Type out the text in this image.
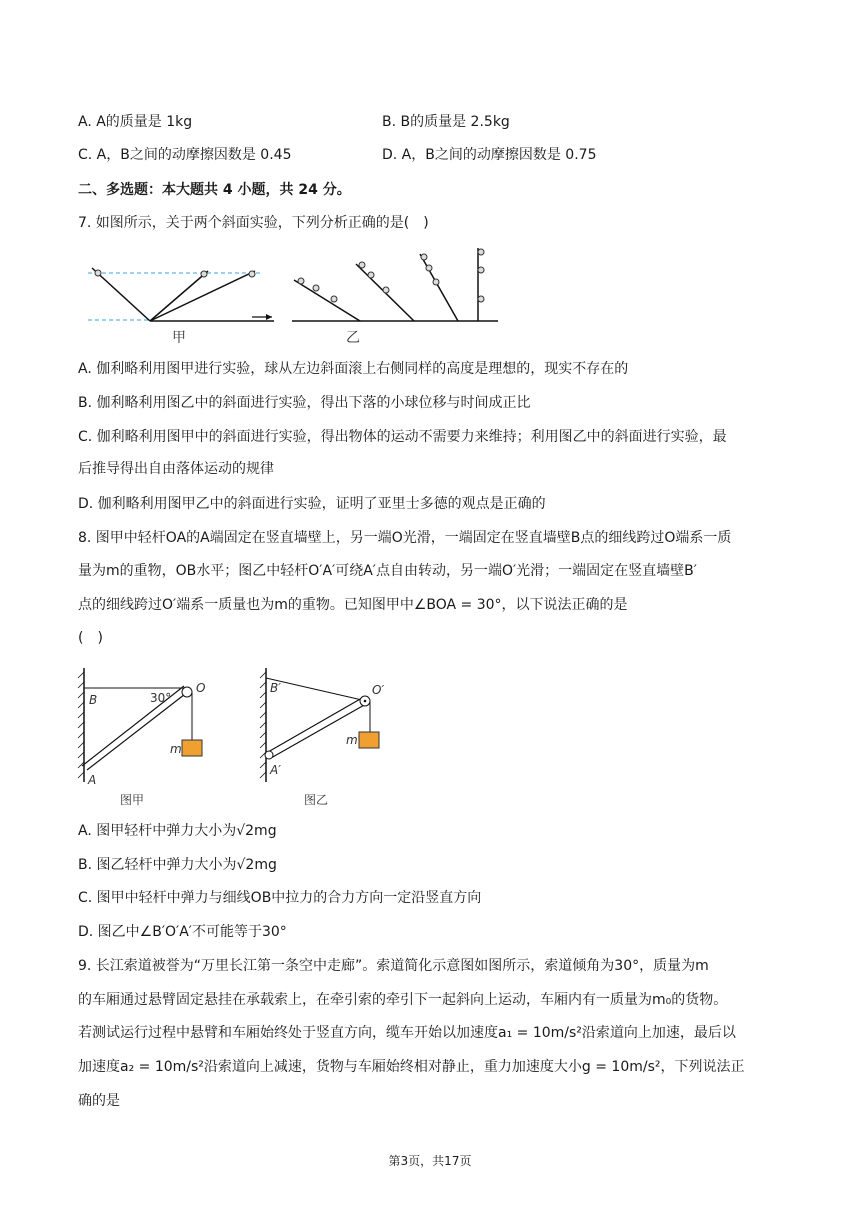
A. A的质量是 1kg	B. B的质量是 2.5kg
C. A，B之间的动摩擦因数是 0.45	D. A，B之间的动摩擦因数是 0.75
二、多选题：本大题共 4 小题，共 24 分。
7. 如图所示，关于两个斜面实验，下列分析正确的是(　)
甲	乙
A. 伽利略利用图甲进行实验，球从左边斜面滚上右侧同样的高度是理想的，现实不存在的
B. 伽利略利用图乙中的斜面进行实验，得出下落的小球位移与时间成正比
C. 伽利略利用图甲中的斜面进行实验，得出物体的运动不需要力来维持；利用图乙中的斜面进行实验，最
后推导得出自由落体运动的规律
D. 伽利略利用图甲乙中的斜面进行实验，证明了亚里士多德的观点是正确的
8. 图甲中轻杆OA的A端固定在竖直墙壁上，另一端O光滑，一端固定在竖直墙壁B点的细线跨过O端系一质
量为m的重物，OB水平；图乙中轻杆O′A′可绕A′点自由转动，另一端O′光滑；一端固定在竖直墙壁B′
点的细线跨过O′端系一质量也为m的重物。已知图甲中∠BOA = 30°，以下说法正确的是
(　)
B	30°
O
m
A
图甲
B′	O′
m
A′
图乙
A. 图甲轻杆中弹力大小为√2mg
B. 图乙轻杆中弹力大小为√2mg
C. 图甲中轻杆中弹力与细线OB中拉力的合力方向一定沿竖直方向
D. 图乙中∠B′O′A′不可能等于30°
9. 长江索道被誉为“万里长江第一条空中走廊”。索道简化示意图如图所示，索道倾角为30°，质量为m
的车厢通过悬臂固定悬挂在承载索上，在牵引索的牵引下一起斜向上运动，车厢内有一质量为m₀的货物。
若测试运行过程中悬臂和车厢始终处于竖直方向，缆车开始以加速度a₁ = 10m/s²沿索道向上加速，最后以
加速度a₂ = 10m/s²沿索道向上减速，货物与车厢始终相对静止，重力加速度大小g = 10m/s²，下列说法正
确的是
第3页，共17页
